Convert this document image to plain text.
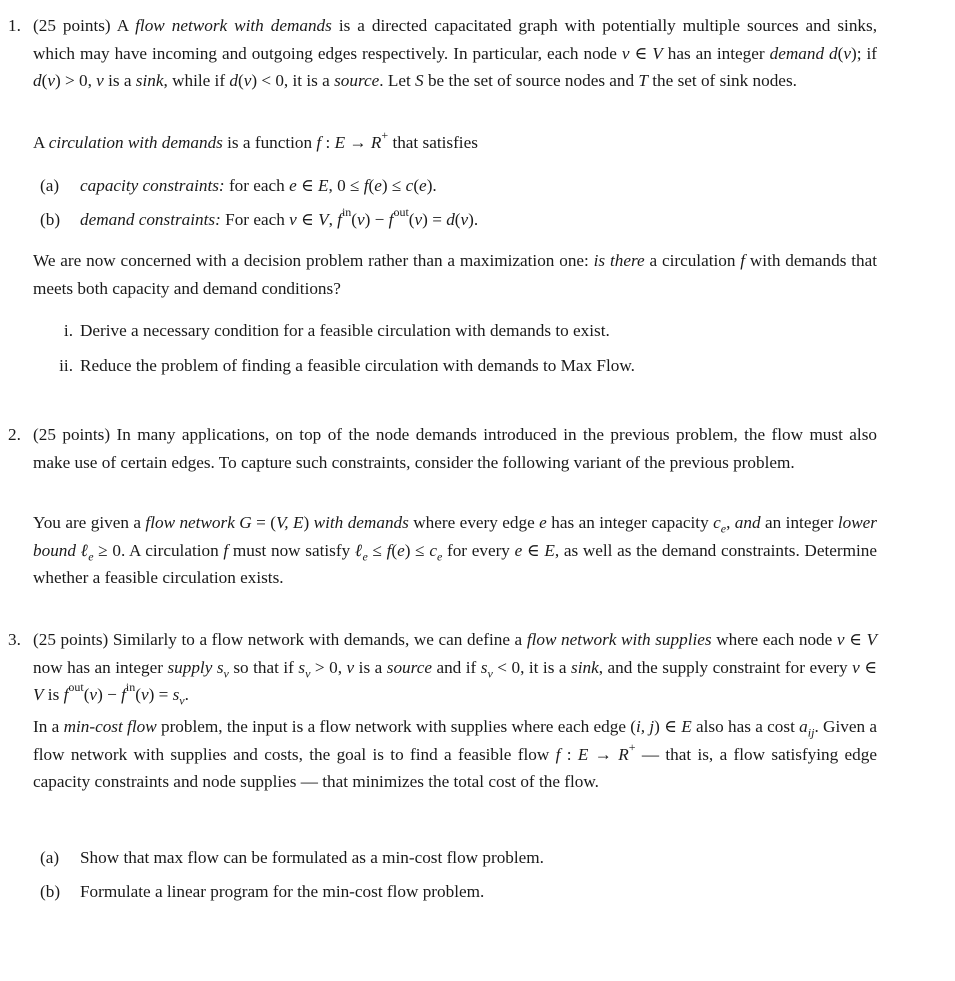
1. (25 points) A flow network with demands is a directed capacitated graph with potentially multiple sources and sinks, which may have incoming and outgoing edges respectively. In particular, each node v ∈ V has an integer demand d(v); if d(v) > 0, v is a sink, while if d(v) < 0, it is a source. Let S be the set of source nodes and T the set of sink nodes.
A circulation with demands is a function f : E → R+ that satisfies
(a)	capacity constraints: for each e ∈ E, 0 ≤ f(e) ≤ c(e).
(b)	demand constraints: For each v ∈ V, $f^{in}(v) - f^{out}(v) = d(v)$.
We are now concerned with a decision problem rather than a maximization one: is there a circulation f with demands that meets both capacity and demand conditions?
i. Derive a necessary condition for a feasible circulation with demands to exist.
ii. Reduce the problem of finding a feasible circulation with demands to Max Flow.
2. (25 points) In many applications, on top of the node demands introduced in the previous problem, the flow must also make use of certain edges. To capture such constraints, consider the following variant of the previous problem.
You are given a flow network G = (V, E) with demands where every edge e has an integer capacity $c_e$, and an integer lower bound ℓ$_e$ ≥ 0. A circulation f must now satisfy ℓ$_e$ ≤ $f(e) \le c_e$ for every e ∈ E, as well as the demand constraints. Determine whether a feasible circulation exists.
3. (25 points) Similarly to a flow network with demands, we can define a flow network with supplies where each node v ∈ V now has an integer supply $s_v$ so that if $s_v > 0$, v is a source and if $s_v < 0$, it is a sink, and the supply constraint for every v ∈ V is $f^{out}(v) - f^{in}(v) = s_v$.
In a min-cost flow problem, the input is a flow network with supplies where each edge (i, j) ∈ E also has a cost $a_{ij}$. Given a flow network with supplies and costs, the goal is to find a feasible flow f : E → R+ — that is, a flow satisfying edge capacity constraints and node supplies — that minimizes the total cost of the flow.
(a)	Show that max flow can be formulated as a min-cost flow problem.
(b)	Formulate a linear program for the min-cost flow problem.
